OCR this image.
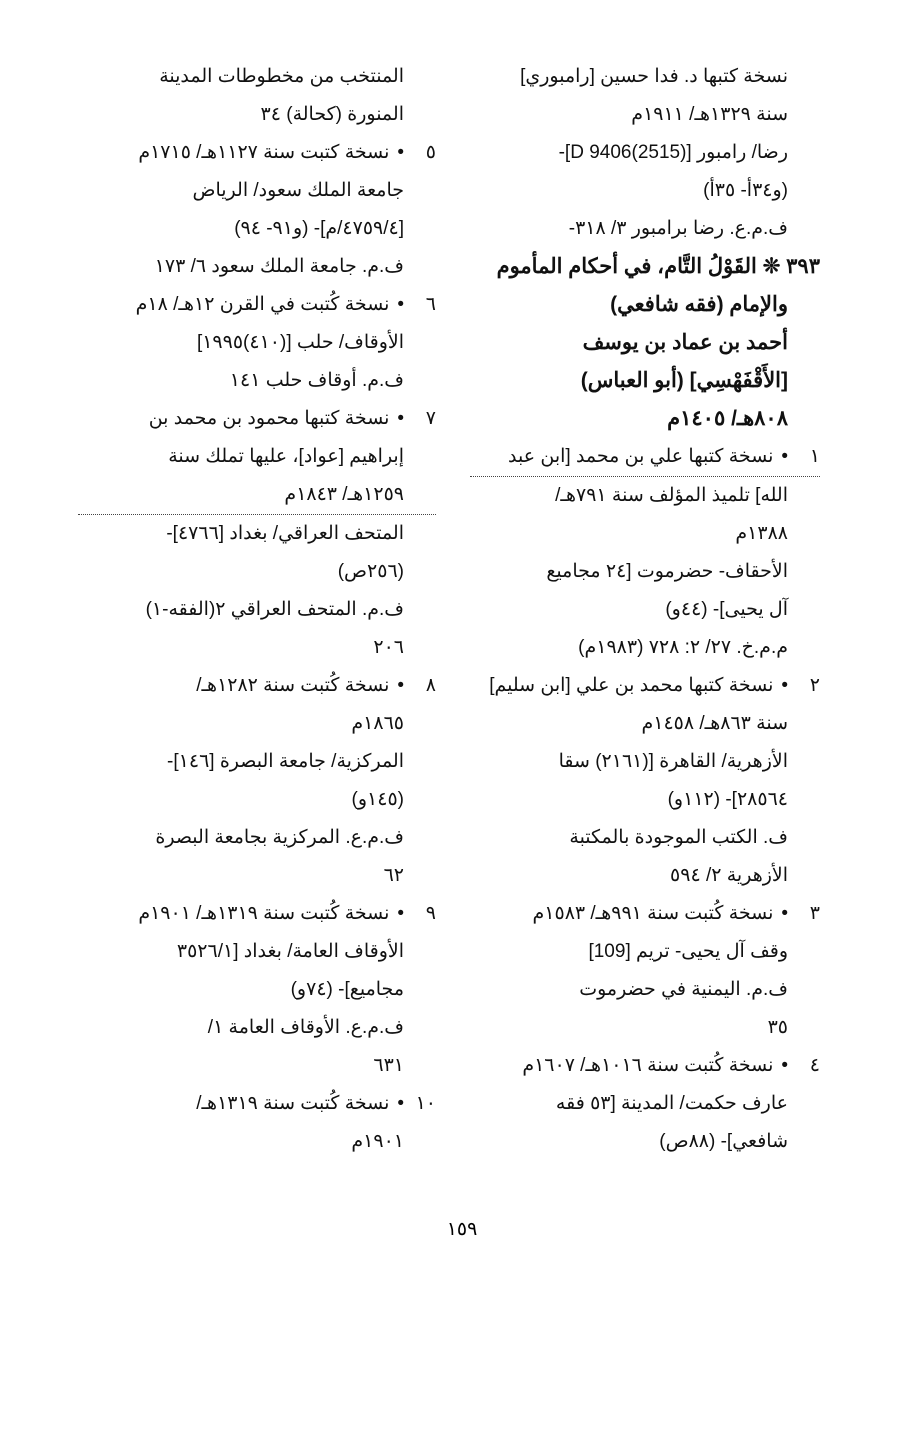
نسخة كتبها د. فدا حسين [رامبوري]
سنة ١٣٢٩هـ/ ١٩١١م
رضا/ رامبور [D 9406(2515)]-
(و٣٤أ- ٣٥أ)
ف.م.ع. رضا برامبور ٣/ ٣١٨-
٣٩٣ ❊ القَوْلُ التَّام، في أحكام المأموم
والإمام (فقه شافعي)
أحمد بن عماد بن يوسف
[الأَقْفَهْسِي] (أبو العباس)
٨٠٨هـ/ ١٤٠٥م
١ • نسخة كتبها علي بن محمد [ابن عبد
الله] تلميذ المؤلف سنة ٧٩١هـ/
١٣٨٨م
الأحقاف- حضرموت [٢٤ مجاميع
آل يحيى]- (٤٤و)
م.م.خ. ٢٧/ ٢: ٧٢٨ (١٩٨٣م)
٢ • نسخة كتبها محمد بن علي [ابن سليم]
سنة ٨٦٣هـ/ ١٤٥٨م
الأزهرية/ القاهرة [(٢١٦١) سقا
٢٨٥٦٤]- (١١٢و)
ف. الكتب الموجودة بالمكتبة
الأزهرية ٢/ ٥٩٤
٣ • نسخة كُتبت سنة ٩٩١هـ/ ١٥٨٣م
وقف آل يحيى- تريم [109]
ف.م. اليمنية في حضرموت
٣٥
٤ • نسخة كُتبت سنة ١٠١٦هـ/ ١٦٠٧م
عارف حكمت/ المدينة [٥٣ فقه
شافعي]- (٨٨ص)
المنتخب من مخطوطات المدينة
المنورة (كحالة) ٣٤
٥ • نسخة كتبت سنة ١١٢٧هـ/ ١٧١٥م
جامعة الملك سعود/ الرياض
[٤٧٥٩/٤/م]- (و٩١- ٩٤)
ف.م. جامعة الملك سعود ٦/ ١٧٣
٦ • نسخة كُتبت في القرن ١٢هـ/ ١٨م
الأوقاف/ حلب [(٤١٠)١٩٩٥]
ف.م. أوقاف حلب ١٤١
٧ • نسخة كتبها محمود بن محمد بن
إبراهيم [عواد]، عليها تملك سنة
١٢٥٩هـ/ ١٨٤٣م
المتحف العراقي/ بغداد [٤٧٦٦]-
(٢٥٦ص)
ف.م. المتحف العراقي ٢(الفقه-١)
٢٠٦
٨ • نسخة كُتبت سنة ١٢٨٢هـ/
١٨٦٥م
المركزية/ جامعة البصرة [١٤٦]-
(١٤٥و)
ف.م.ع. المركزية بجامعة البصرة
٦٢
٩ • نسخة كُتبت سنة ١٣١٩هـ/ ١٩٠١م
الأوقاف العامة/ بغداد [٣٥٢٦/١
مجاميع]- (٧٤و)
ف.م.ع. الأوقاف العامة ١/
٦٣١
١٠ • نسخة كُتبت سنة ١٣١٩هـ/
١٩٠١م
١٥٩
